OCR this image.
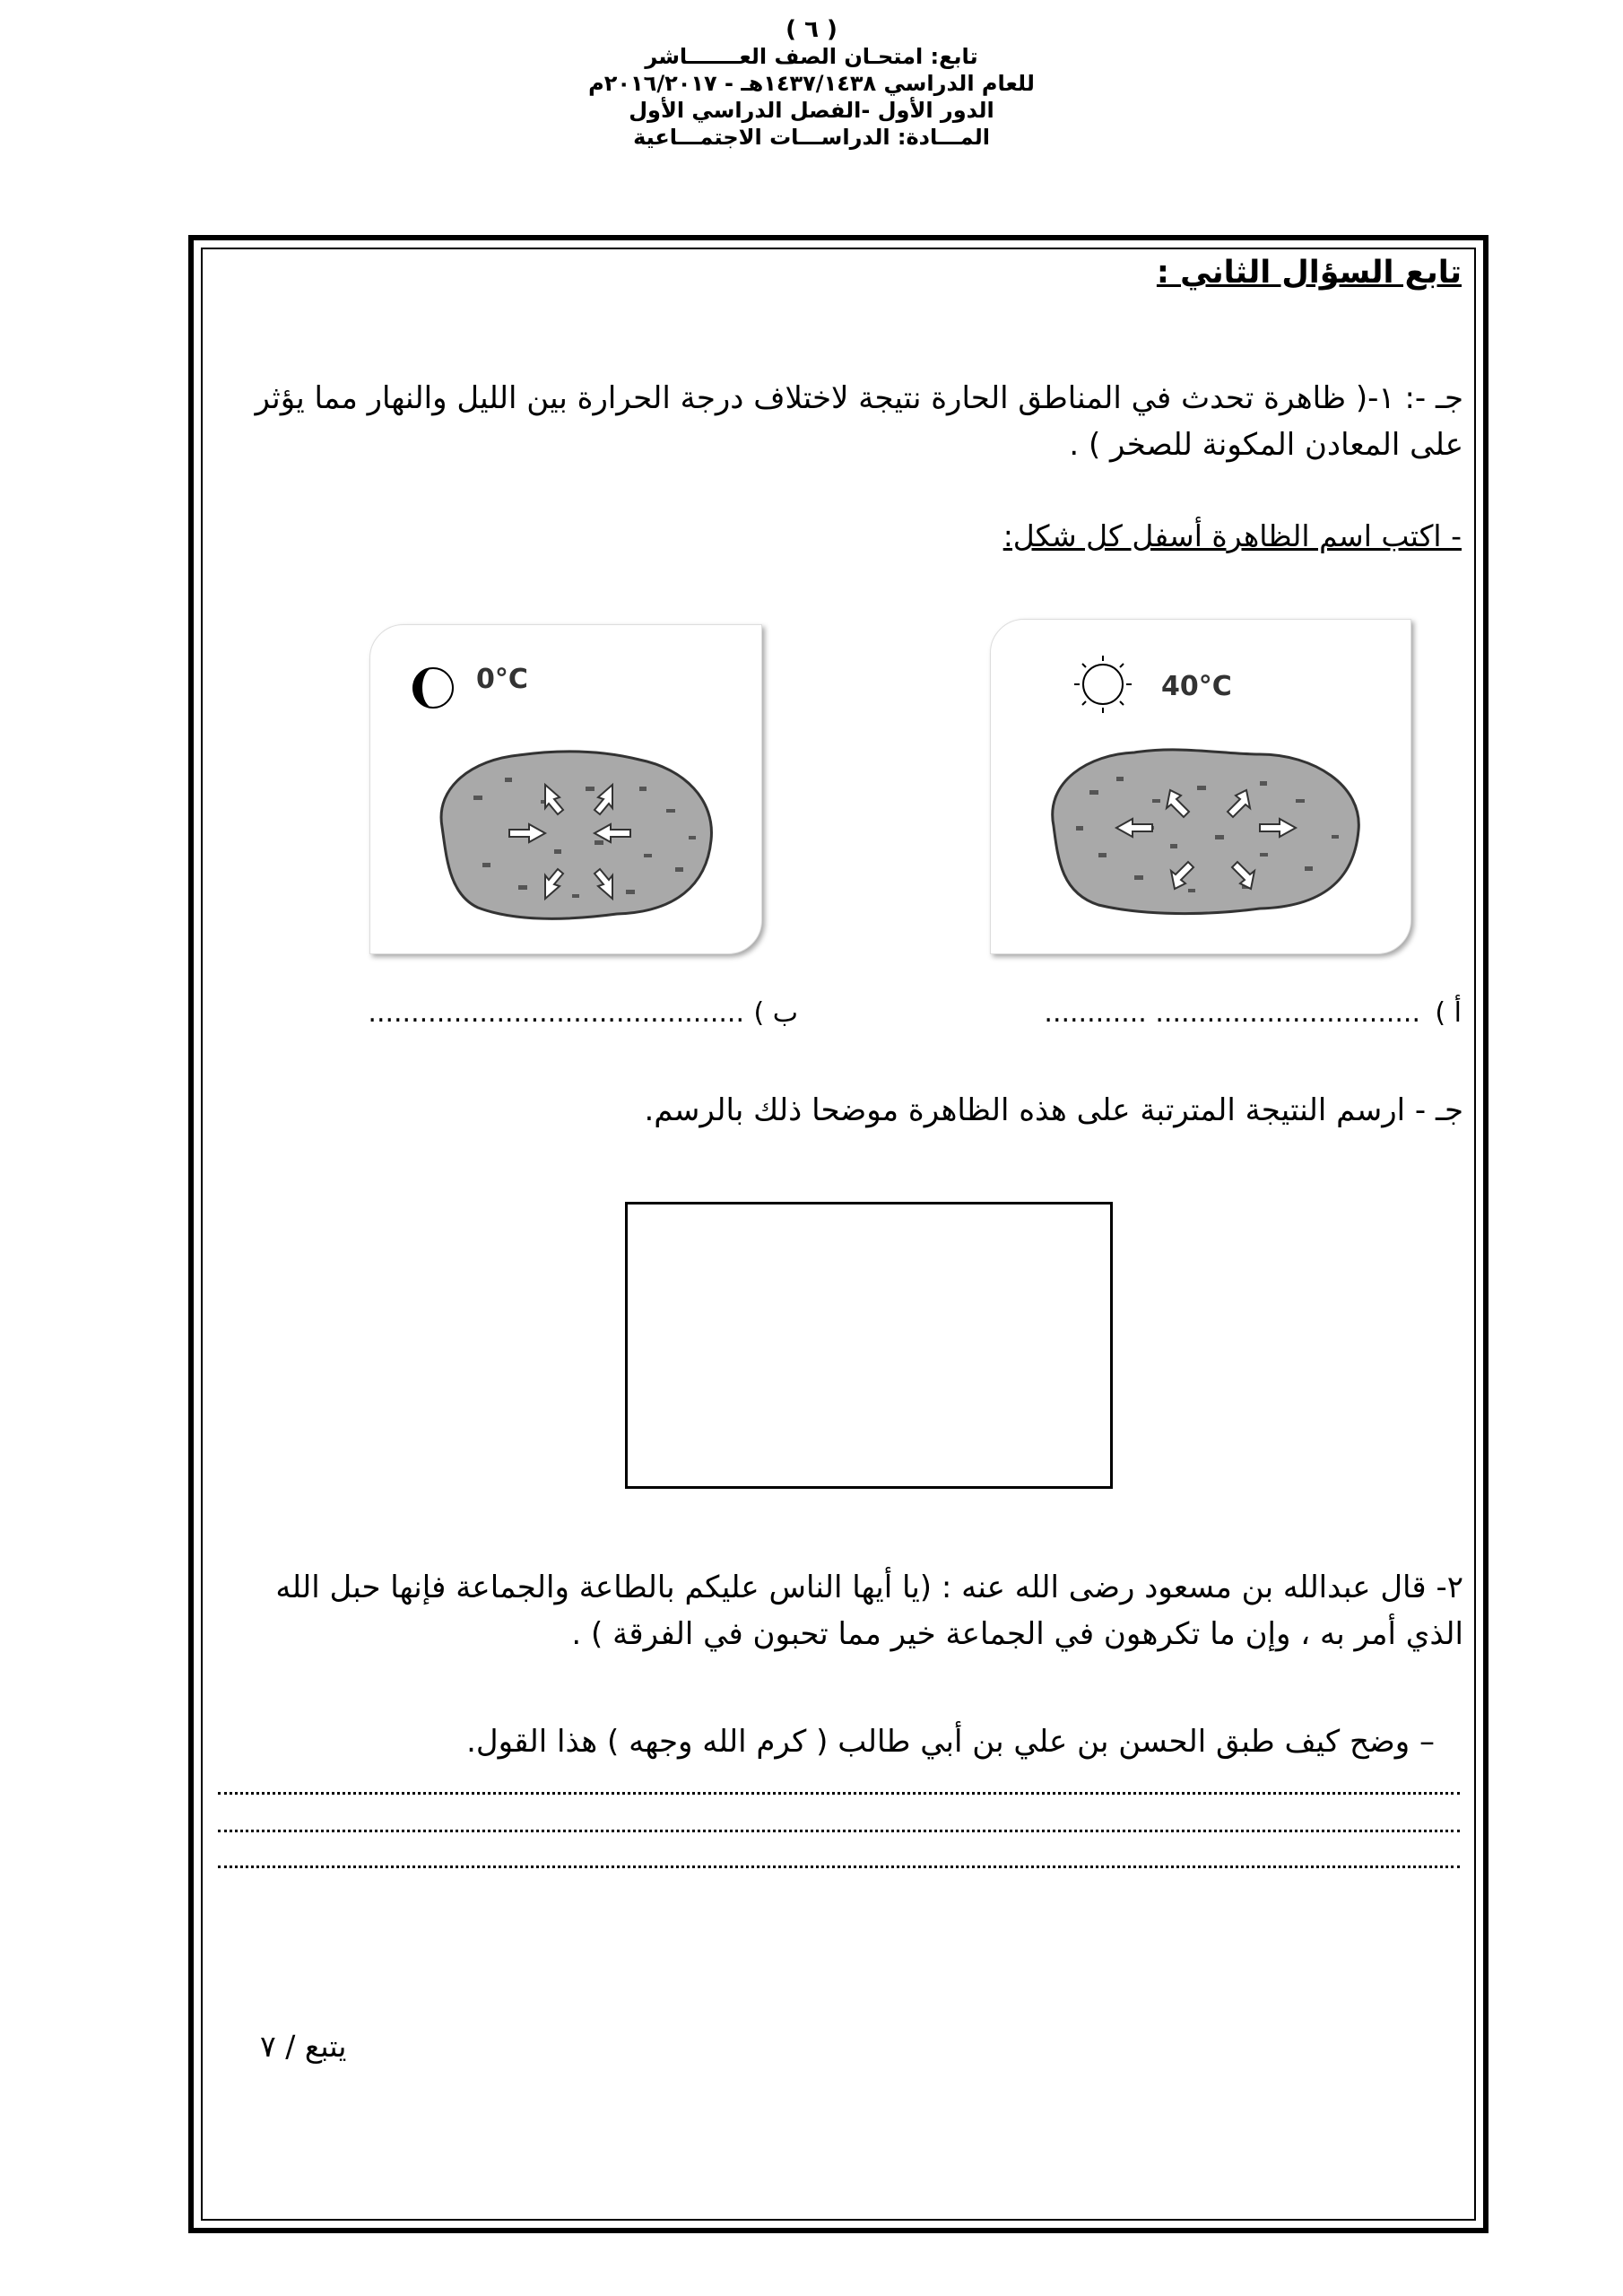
( ٦ )
تابع: امتحـان الصف العـــــــاشر
للعام الدراسي ١٤٣٧/١٤٣٨هـ - ٢٠١٦/٢٠١٧م
الدور الأول -الفصل الدراسي الأول
المـــادة: الدراســـات الاجتمـــاعية
تابع السؤال الثاني :
جـ -: ١-( ظاهرة تحدث في المناطق الحارة نتيجة لاختلاف درجة الحرارة بين الليل والنهار مما يؤثر على المعادن المكونة للصخر ) .
- اكتب اسم الظاهرة أسفل كل شكل:
40°C
0°C
أ )
............................... ............
ب )
............................................
جـ - ارسم النتيجة المترتبة على هذه الظاهرة موضحا ذلك بالرسم.
٢- قال عبدالله بن مسعود رضى الله عنه : (يا أيها الناس عليكم بالطاعة والجماعة فإنها حبل الله الذي أمر به ، وإن ما تكرهون في الجماعة خير مما تحبون في الفرقة ) .
– وضح كيف طبق الحسن بن علي بن أبي طالب ( كرم الله وجهه ) هذا القول.
يتبع / ٧
